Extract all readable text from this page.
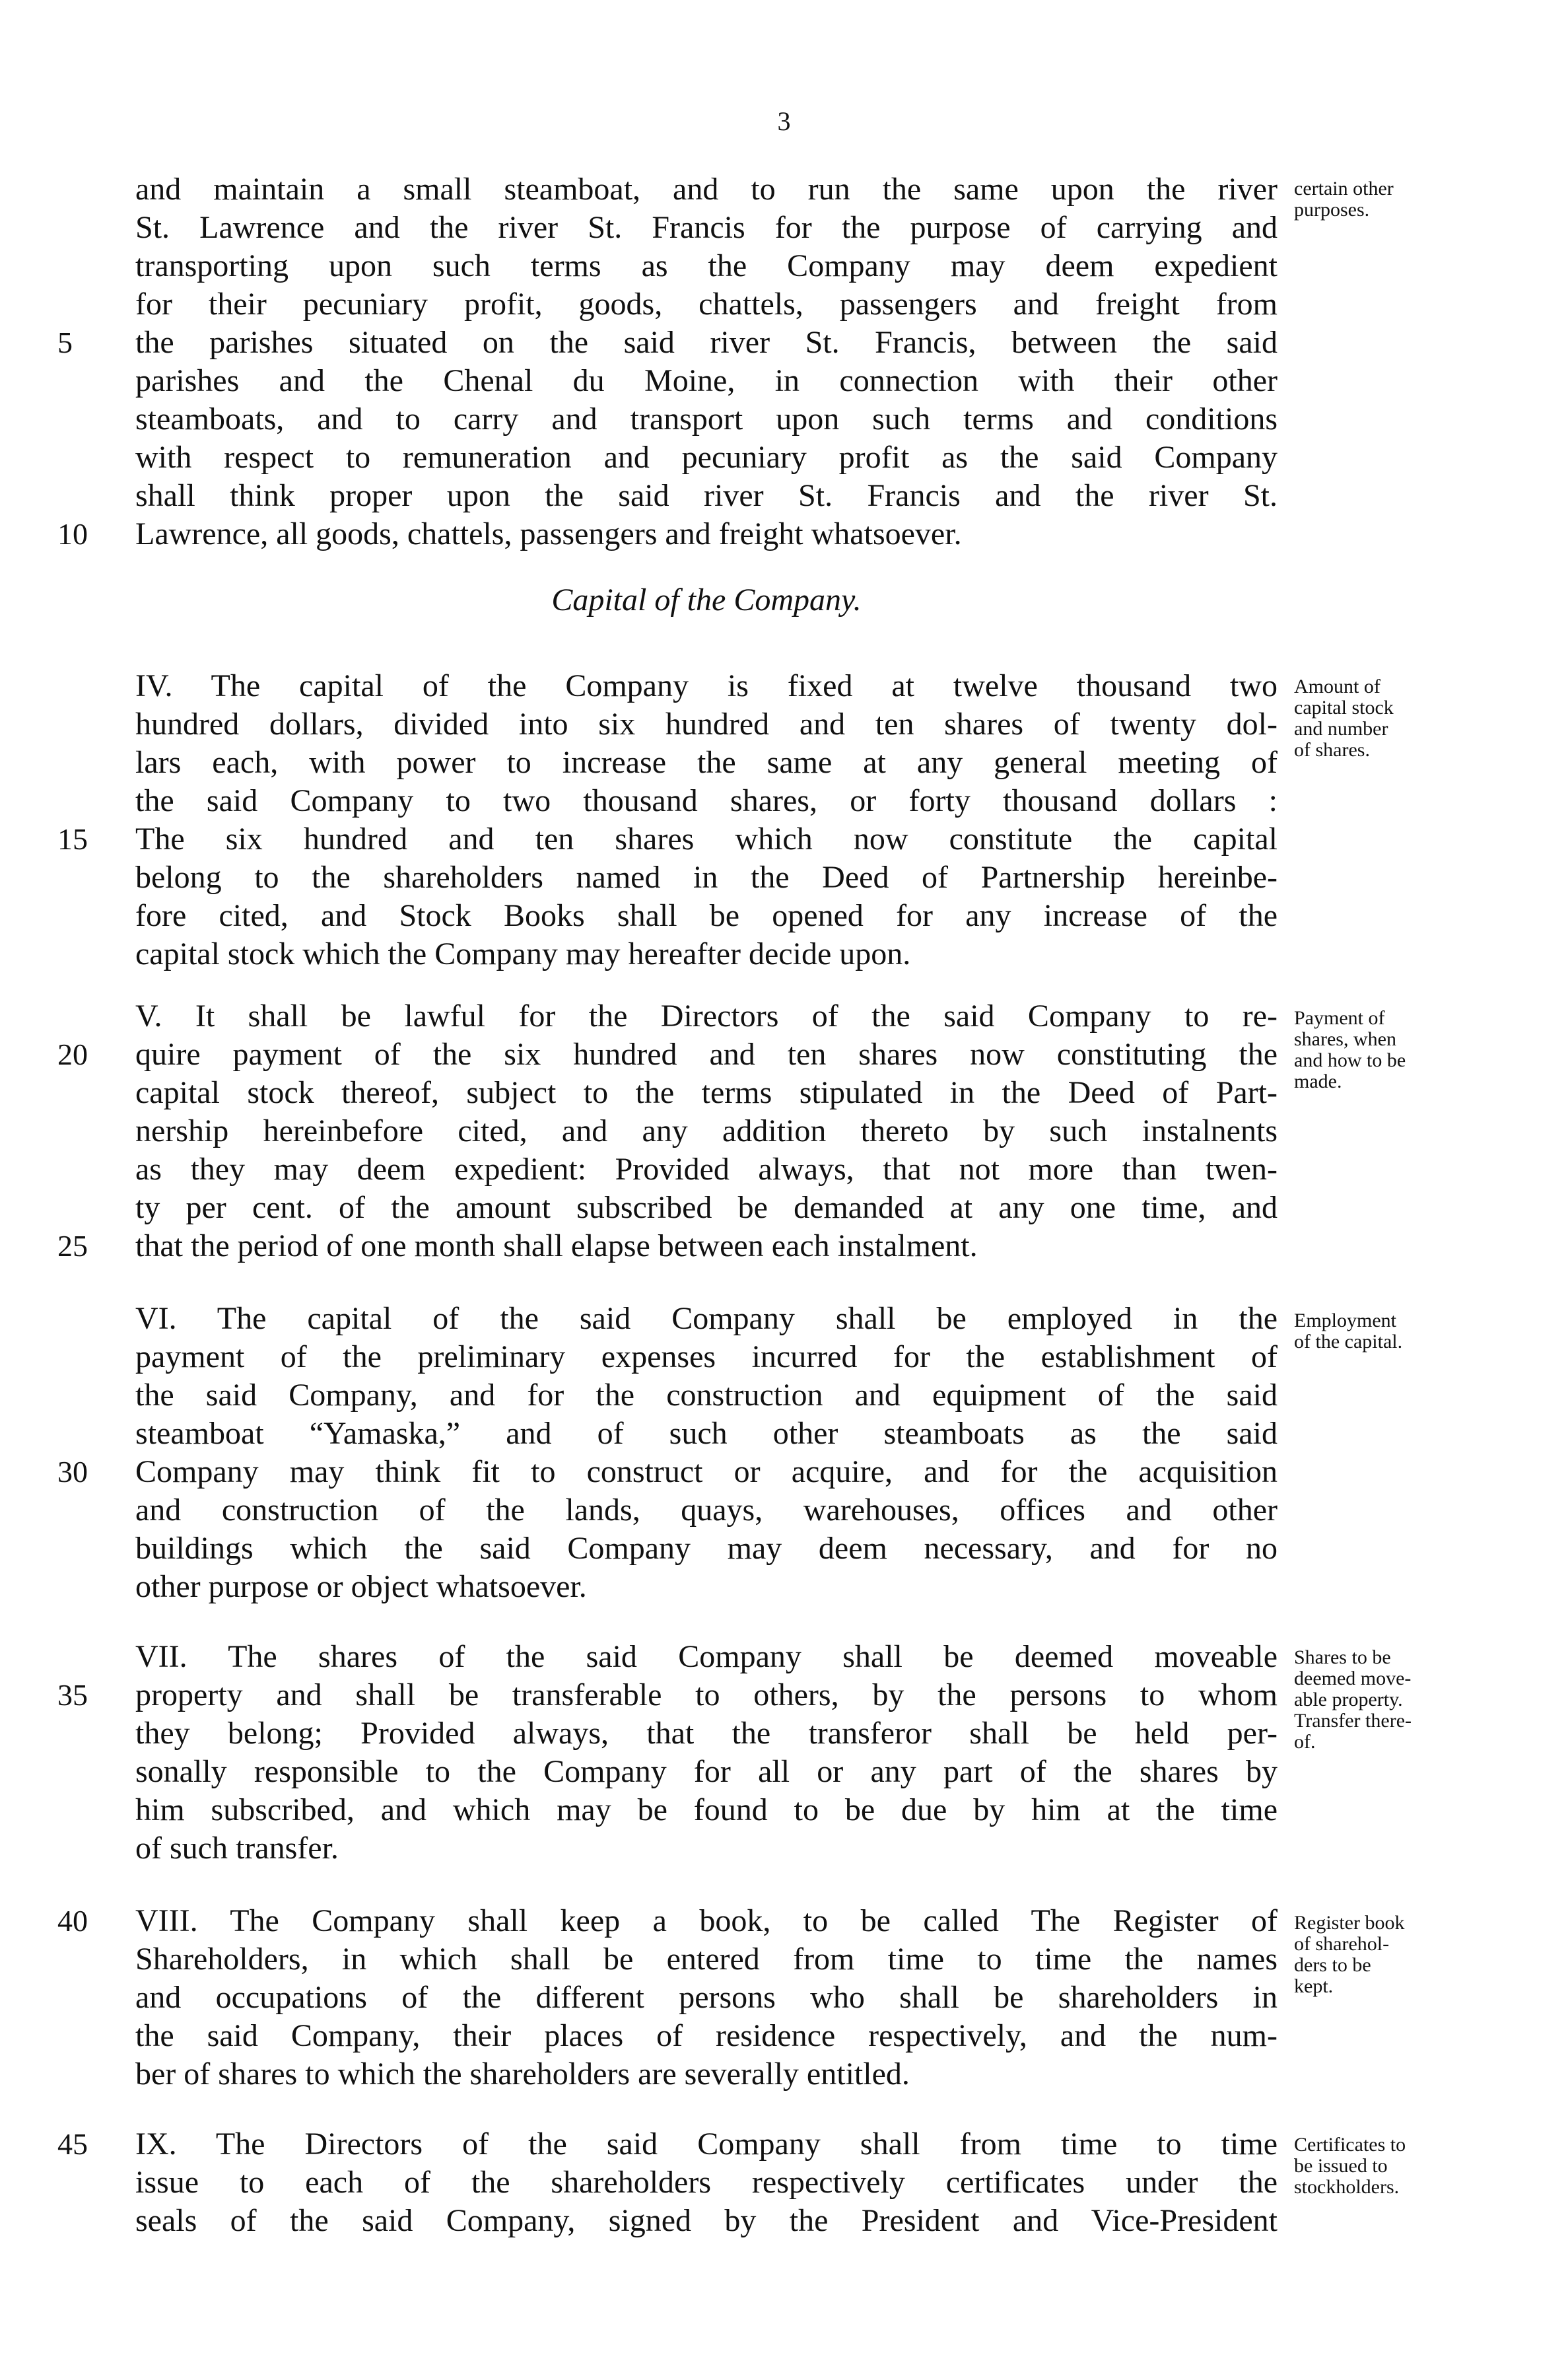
3
and maintain a small steamboat, and to run the same upon the river
St. Lawrence and the river St. Francis for the purpose of carrying and
transporting upon such terms as the Company may deem expedient
for their pecuniary profit, goods, chattels, passengers and freight from
5	the parishes situated on the said river St. Francis, between the said
parishes and the Chenal du Moine, in connection with their other
steamboats, and to carry and transport upon such terms and conditions
with respect to remuneration and pecuniary profit as the said Company
shall think proper upon the said river St. Francis and the river St.
10	Lawrence, all goods, chattels, passengers and freight whatsoever.
certain other
purposes.
Capital of the Company.
IV. The capital of the Company is fixed at twelve thousand two
hundred dollars, divided into six hundred and ten shares of twenty dol-
lars each, with power to increase the same at any general meeting of
the said Company to two thousand shares, or forty thousand dollars :
15	The six hundred and ten shares which now constitute the capital
belong to the shareholders named in the Deed of Partnership hereinbe-
fore cited, and Stock Books shall be opened for any increase of the
capital stock which the Company may hereafter decide upon.
Amount of
capital stock
and number
of shares.
V. It shall be lawful for the Directors of the said Company to re-
20	quire payment of the six hundred and ten shares now constituting the
capital stock thereof, subject to the terms stipulated in the Deed of Part-
nership hereinbefore cited, and any addition thereto by such instalnents
as they may deem expedient: Provided always, that not more than twen-
ty per cent. of the amount subscribed be demanded at any one time, and
25	that the period of one month shall elapse between each instalment.
Payment of
shares, when
and how to be
made.
VI. The capital of the said Company shall be employed in the
payment of the preliminary expenses incurred for the establishment of
the said Company, and for the construction and equipment of the said
steamboat “Yamaska,” and of such other steamboats as the said
30	Company may think fit to construct or acquire, and for the acquisition
and construction of the lands, quays, warehouses, offices and other
buildings which the said Company may deem necessary, and for no
other purpose or object whatsoever.
Employment
of the capital.
VII. The shares of the said Company shall be deemed moveable
35	property and shall be transferable to others, by the persons to whom
they belong; Provided always, that the transferor shall be held per-
sonally responsible to the Company for all or any part of the shares by
him subscribed, and which may be found to be due by him at the time
of such transfer.
Shares to be
deemed move-
able property.
Transfer there-
of.
40	VIII. The Company shall keep a book, to be called The Register of
Shareholders, in which shall be entered from time to time the names
and occupations of the different persons who shall be shareholders in
the said Company, their places of residence respectively, and the num-
ber of shares to which the shareholders are severally entitled.
Register book
of sharehol-
ders to be
kept.
45	IX. The Directors of the said Company shall from time to time
issue to each of the shareholders respectively certificates under the
seals of the said Company, signed by the President and Vice-President
Certificates to
be issued to
stockholders.
